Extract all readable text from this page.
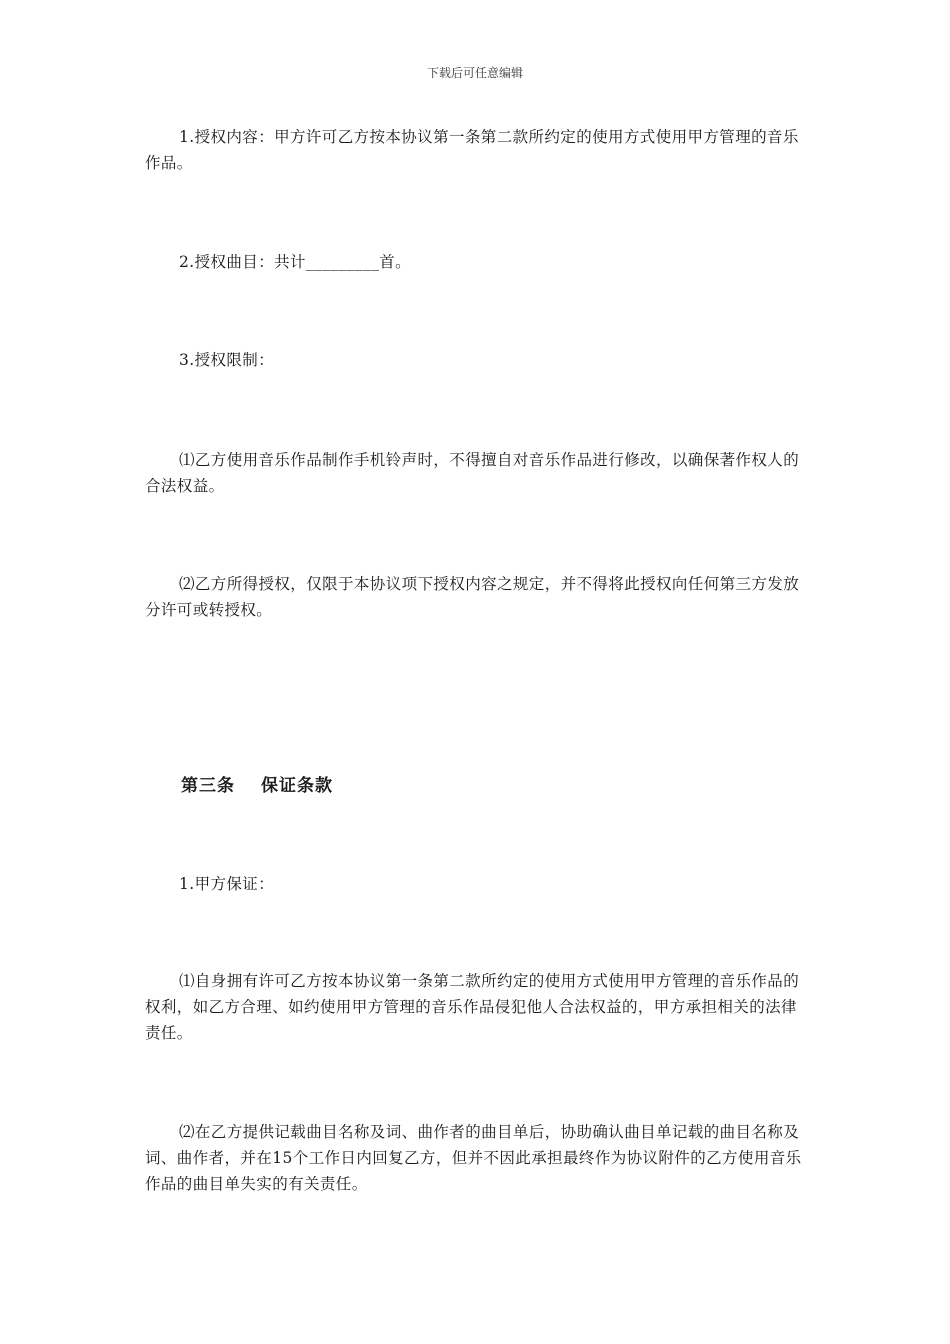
下载后可任意编辑

1.授权内容：甲方许可乙方按本协议第一条第二款所约定的使用方式使用甲方管理的音乐作品。

2.授权曲目：共计_________首。

3.授权限制：

⑴乙方使用音乐作品制作手机铃声时，不得擅自对音乐作品进行修改，以确保著作权人的合法权益。

⑵乙方所得授权，仅限于本协议项下授权内容之规定，并不得将此授权向任何第三方发放分许可或转授权。

第三条 保证条款

1.甲方保证：

⑴自身拥有许可乙方按本协议第一条第二款所约定的使用方式使用甲方管理的音乐作品的权利，如乙方合理、如约使用甲方管理的音乐作品侵犯他人合法权益的，甲方承担相关的法律责任。

⑵在乙方提供记载曲目名称及词、曲作者的曲目单后，协助确认曲目单记载的曲目名称及词、曲作者，并在15个工作日内回复乙方，但并不因此承担最终作为协议附件的乙方使用音乐作品的曲目单失实的有关责任。
